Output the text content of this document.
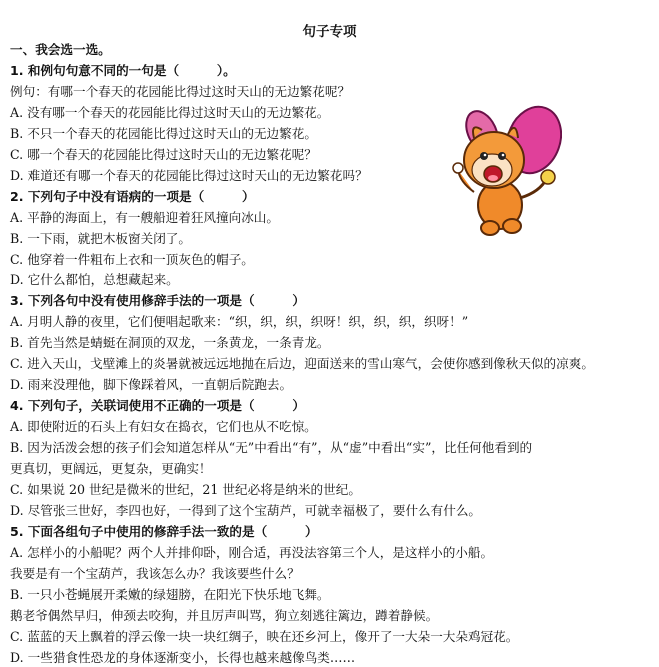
句子专项
一、我会选一选。
1. 和例句句意不同的一句是（　　　）。
例句：有哪一个春天的花园能比得过这时天山的无边繁花呢？
A. 没有哪一个春天的花园能比得过这时天山的无边繁花。
B. 不只一个春天的花园能比得过这时天山的无边繁花。
C. 哪一个春天的花园能比得过这时天山的无边繁花呢？
D. 难道还有哪一个春天的花园能比得过这时天山的无边繁花吗？
2. 下列句子中没有语病的一项是（　　　）
A. 平静的海面上，有一艘船迎着狂风撞向冰山。
B. 一下雨，就把木板窗关闭了。
C. 他穿着一件粗布上衣和一顶灰色的帽子。
D. 它什么都怕，总想藏起来。
3. 下列各句中没有使用修辞手法的一项是（　　　）
A. 月明人静的夜里，它们便唱起歌来：“织，织，织，织呀！织，织，织，织呀！”
B. 首先当然是蜻蜓在洞顶的双龙，一条黄龙，一条青龙。
C. 进入天山，戈壁滩上的炎暑就被远远地抛在后边，迎面送来的雪山寒气，会使你感到像秋天似的凉爽。
D. 雨来没理他，脚下像踩着风，一直朝后院跑去。
4. 下列句子，关联词使用不正确的一项是（　　　）
A. 即使附近的石头上有妇女在捣衣，它们也从不吃惊。
B. 因为活泼会想的孩子们会知道怎样从“无”中看出“有”，从“虚”中看出“实”，比任何他看到的
更真切，更阔远，更复杂，更确实！
C. 如果说 20 世纪是微米的世纪，21 世纪必将是纳米的世纪。
D. 尽管张三世好，李四也好，一得到了这个宝葫芦，可就幸福极了，要什么有什么。
5. 下面各组句子中使用的修辞手法一致的是（　　　）
A. 怎样小的小船呢？两个人并排仰卧，刚合适，再没法容第三个人，是这样小的小船。
我要是有一个宝葫芦，我该怎么办？我该要些什么？
B. 一只小苍蝇展开柔嫩的绿翅膀，在阳光下快乐地飞舞。
鹅老爷偶然早归，伸颈去咬狗，并且厉声叫骂，狗立刻逃往篱边，蹲着静候。
C. 蓝蓝的天上飘着的浮云像一块一块红绸子，映在还乡河上，像开了一大朵一大朵鸡冠花。
D. 一些猎食性恐龙的身体逐渐变小，长得也越来越像鸟类……
